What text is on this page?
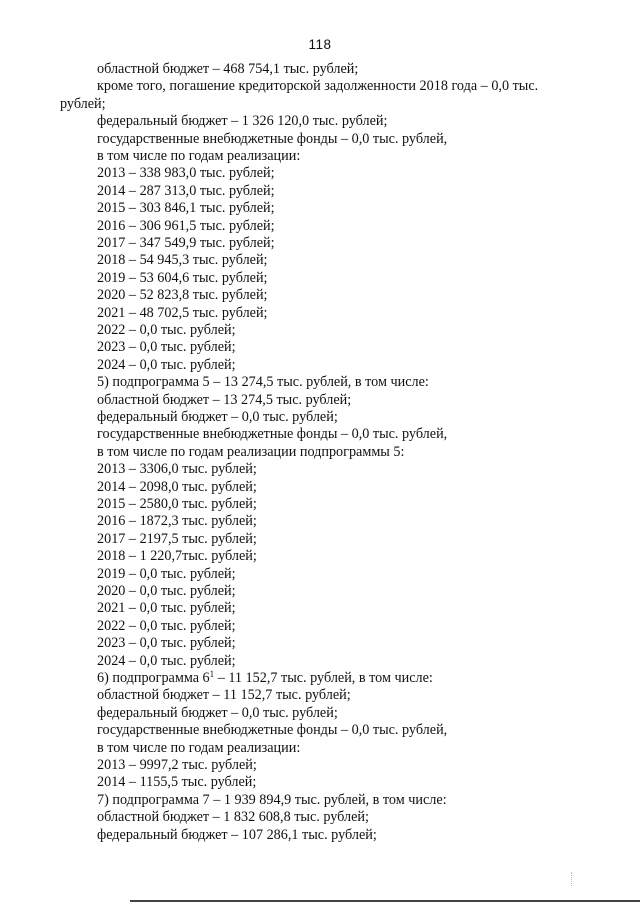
118
областной бюджет – 468 754,1 тыс. рублей;
кроме того, погашение кредиторской задолженности 2018 года – 0,0 тыс.
рублей;
федеральный бюджет – 1 326 120,0 тыс. рублей;
государственные внебюджетные фонды – 0,0 тыс. рублей,
в том числе по годам реализации:
2013 – 338 983,0 тыс. рублей;
2014 – 287 313,0 тыс. рублей;
2015 – 303 846,1 тыс. рублей;
2016 – 306 961,5 тыс. рублей;
2017 – 347 549,9 тыс. рублей;
2018 – 54 945,3 тыс. рублей;
2019 – 53 604,6 тыс. рублей;
2020 – 52 823,8 тыс. рублей;
2021 – 48 702,5 тыс. рублей;
2022 – 0,0 тыс. рублей;
2023 – 0,0 тыс. рублей;
2024 – 0,0 тыс. рублей;
5) подпрограмма 5 – 13 274,5 тыс. рублей, в том числе:
областной бюджет – 13 274,5 тыс. рублей;
федеральный бюджет – 0,0 тыс. рублей;
государственные внебюджетные фонды – 0,0 тыс. рублей,
в том числе по годам реализации подпрограммы 5:
2013 – 3306,0 тыс. рублей;
2014 – 2098,0 тыс. рублей;
2015 – 2580,0 тыс. рублей;
2016 – 1872,3 тыс. рублей;
2017 – 2197,5 тыс. рублей;
2018 – 1 220,7тыс. рублей;
2019 – 0,0 тыс. рублей;
2020 – 0,0 тыс. рублей;
2021 – 0,0 тыс. рублей;
2022 – 0,0 тыс. рублей;
2023 – 0,0 тыс. рублей;
2024 – 0,0 тыс. рублей;
6) подпрограмма $6^1 - 11$ 152,7 тыс. рублей, в том числе:
областной бюджет – 11 152,7 тыс. рублей;
федеральный бюджет – 0,0 тыс. рублей;
государственные внебюджетные фонды – 0,0 тыс. рублей,
в том числе по годам реализации:
2013 – 9997,2 тыс. рублей;
2014 – 1155,5 тыс. рублей;
7) подпрограмма 7 – 1 939 894,9 тыс. рублей, в том числе:
областной бюджет – 1 832 608,8 тыс. рублей;
федеральный бюджет – 107 286,1 тыс. рублей;
